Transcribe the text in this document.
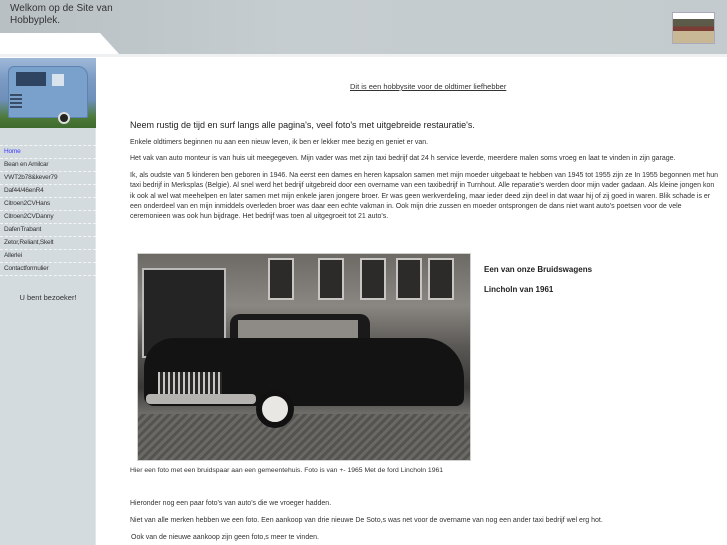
Welkom op de Site van Hobbyplek.
Home
Bean en Amilcar
VWT2b78&kever79
Daf44/46enR4
Citroen2CVHans
Citroen2CVDanny
DafenTrabant
Zetor,Reliant,Skelt
Allerlei
Contactformulier
U bent bezoeker!
Dit is een hobbysite voor de oldtimer liefhebber
Neem rustig de tijd en surf langs alle pagina's, veel foto's met uitgebreide restauratie's.

Enkele oldtimers beginnen nu aan een nieuw leven, ik ben er lekker mee bezig en geniet er van.

Het vak van auto monteur is van huis uit meegegeven. Mijn vader was met zijn taxi bedrijf dat 24 h service leverde, meerdere malen soms vroeg en laat te vinden in zijn garage.

Ik, als oudste van 5 kinderen ben geboren in 1946. Na eerst een dames en heren kapsalon samen met mijn moeder uitgebaat te hebben van 1945 tot 1955 zijn ze In 1955 begonnen met hun taxi bedrijf in Merksplas (Belgie). Al snel werd het bedrijf uitgebreid door een overname van een taxibedrijf in Turnhout. Alle reparatie's werden door mijn vader gadaan. Als kleine jongen kon ik ook al wel wat meehelpen en later samen met mijn enkele jaren jongere broer. Er was geen werkverdeling, maar ieder deed zijn deel in dat waar hij of zij goed in waren. Blik schade is er een onderdeel van en mijn inmiddels overleden broer was daar een echte vakman in. Ook mijn drie zussen en moeder ontsprongen de dans niet want auto's poetsen voor de vele ceremonieen was ook hun bijdrage. Het bedrijf was toen al uitgegroeit tot 21 auto's.

Een van onze Bruidswagens
Lincholn van 1961
Hier een foto met een bruidspaar aan een gemeentehuis. Foto is van +- 1965 Met de ford Lincholn 1961

Hieronder nog een paar foto's van auto's die we vroeger hadden.

Niet van alle merken hebben we een foto. Een aankoop van drie nieuwe De Soto,s was net voor de overname van nog een ander taxi bedrijf wel erg hot.

Ook van de nieuwe aankoop zijn geen foto,s meer te vinden.
